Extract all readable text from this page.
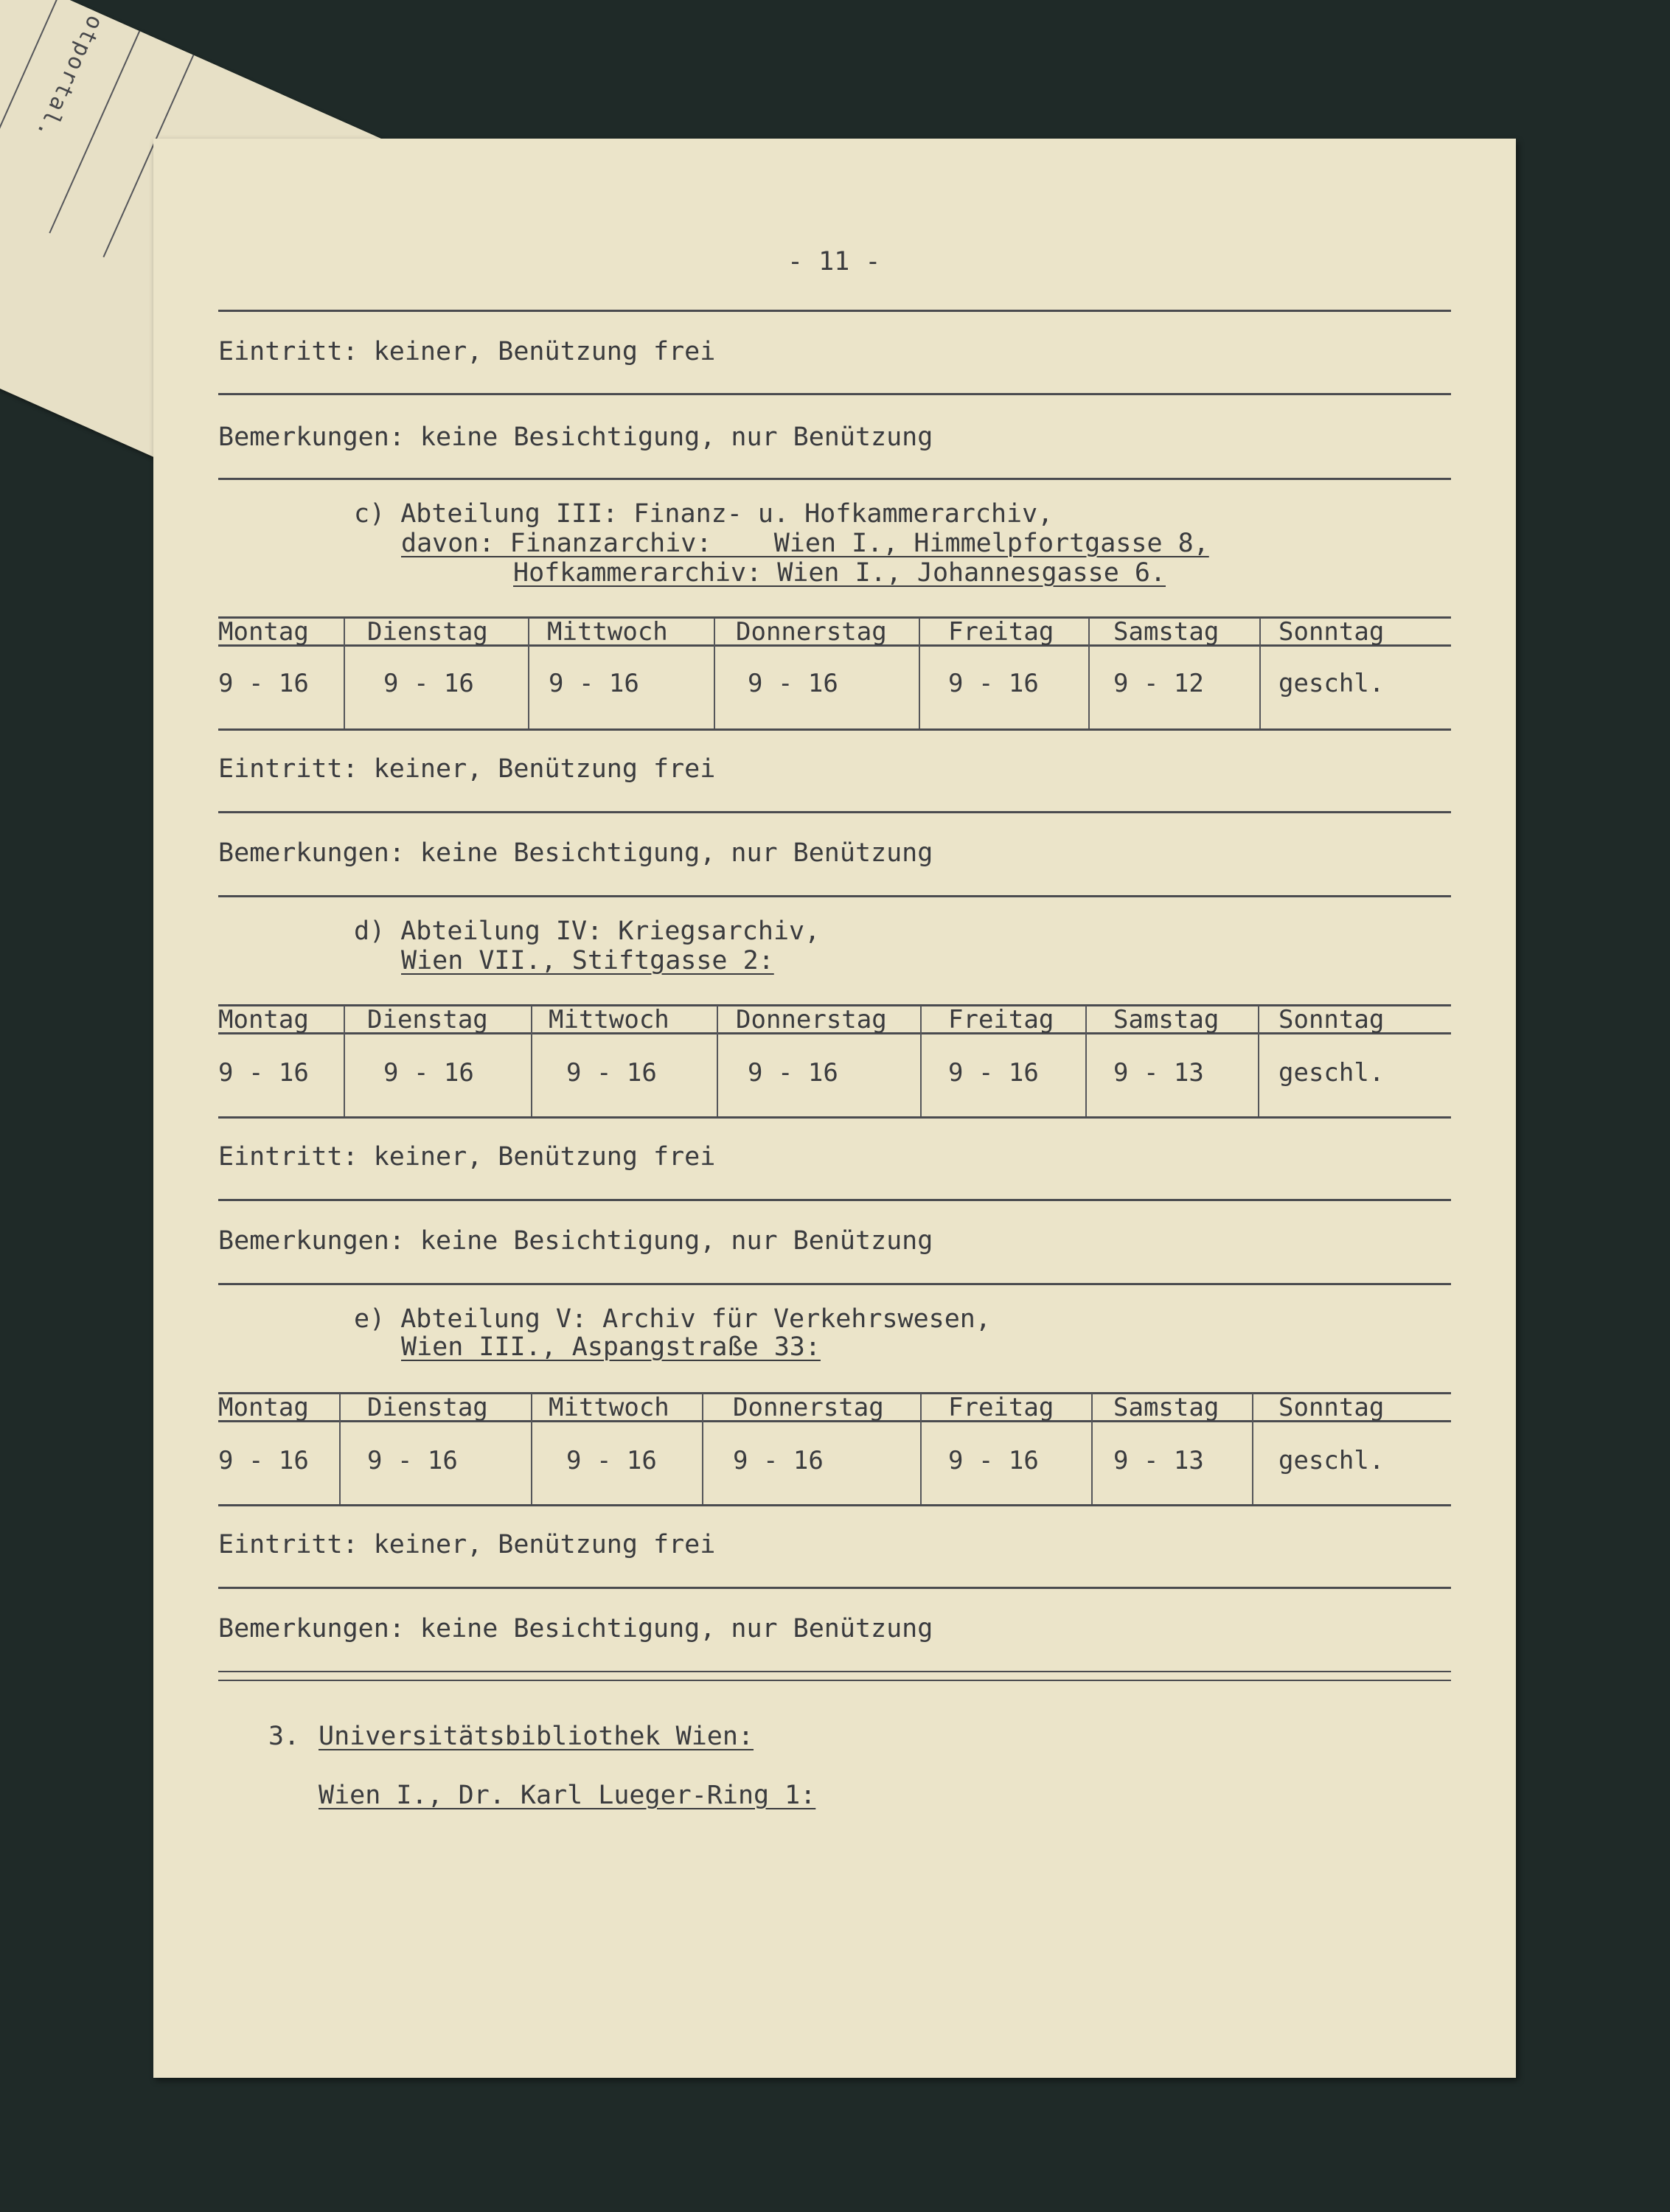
otportal.
- 11 -
Eintritt: keiner, Benützung frei
Bemerkungen: keine Besichtigung, nur Benützung
c) Abteilung III: Finanz- u. Hofkammerarchiv,
davon: Finanzarchiv:    Wien I., Himmelpfortgasse 8,
Hofkammerarchiv: Wien I., Johannesgasse 6.
Montag Dienstag Mittwoch	Donnerstag Freitag Samstag Sonntag
9 - 16	9 - 16	9 - 16	9 - 16	9 - 16	9 - 12	geschl.
Eintritt: keiner, Benützung frei
Bemerkungen: keine Besichtigung, nur Benützung
d) Abteilung IV: Kriegsarchiv,
Wien VII., Stiftgasse 2:
Montag Dienstag Mittwoch	Donnerstag Freitag Samstag Sonntag
9 - 16	9 - 16	9 - 16	9 - 16	9 - 16	9 - 13	geschl.
Eintritt: keiner, Benützung frei
Bemerkungen: keine Besichtigung, nur Benützung
e) Abteilung V: Archiv für Verkehrswesen,
Wien III., Aspangstraße 33:
Montag Dienstag Mittwoch	Donnerstag	Freitag Samstag Sonntag
9 - 16 9 - 16	9 - 16	9 - 16	9 - 16	9 - 13	geschl.
Eintritt: keiner, Benützung frei
Bemerkungen: keine Besichtigung, nur Benützung
3. Universitätsbibliothek Wien:
Wien I., Dr. Karl Lueger-Ring 1:
